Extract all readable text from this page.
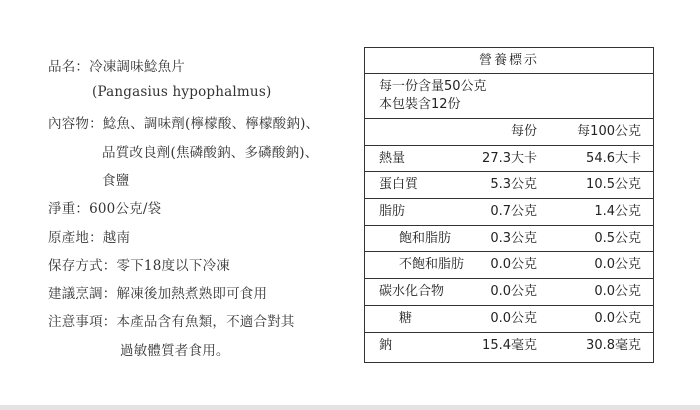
品名：冷凍調味鯰魚片
(Pangasius hypophalmus)
內容物：鯰魚、調味劑(檸檬酸、檸檬酸鈉)、
品質改良劑(焦磷酸鈉、多磷酸鈉)、
食鹽
淨重：600公克/袋
原產地：越南
保存方式：零下18度以下冷凍
建議烹調：解凍後加熱煮熟即可食用
注意事項：本產品含有魚類，不適合對其
過敏體質者食用。
營養標示
每一份含量50公克
本包裝含12份
每份	每100公克
熱量	27.3大卡	54.6大卡
蛋白質	5.3公克	10.5公克
脂肪	0.7公克	1.4公克
飽和脂肪	0.3公克	0.5公克
不飽和脂肪 0.0公克	0.0公克
碳水化合物	0.0公克	0.0公克
糖	0.0公克	0.0公克
鈉	15.4毫克	30.8毫克
